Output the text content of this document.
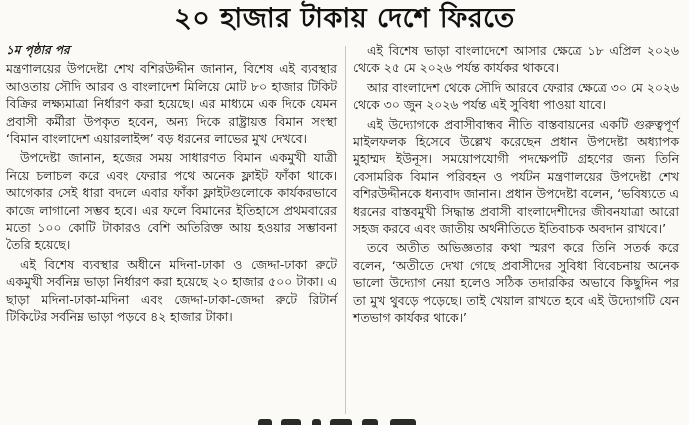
২০ হাজার টাকায় দেশে ফিরতে
১ম পৃষ্ঠার পর

মন্ত্রণালয়ের উপদেষ্টা শেখ বশিরউদ্দীন জানান, বিশেষ এই ব্যবস্থার আওতায় সৌদি আরব ও বাংলাদেশ মিলিয়ে মোট ৮০ হাজার টিকিট বিক্রির লক্ষ্যমাত্রা নির্ধারণ করা হয়েছে। এর মাধ্যমে এক দিকে যেমন প্রবাসী কর্মীরা উপকৃত হবেন, অন্য দিকে রাষ্ট্রায়ত্ত বিমান সংস্থা ‘বিমান বাংলাদেশ এয়ারলাইন্স’ বড় ধরনের লাভের মুখ দেখবে।

উপদেষ্টা জানান, হজের সময় সাধারণত বিমান একমুখী যাত্রী নিয়ে চলাচল করে এবং ফেরার পথে অনেক ফ্লাইট ফাঁকা থাকে। আগেকার সেই ধারা বদলে এবার ফাঁকা ফ্লাইটগুলোকে কার্যকরভাবে কাজে লাগানো সম্ভব হবে। এর ফলে বিমানের ইতিহাসে প্রথমবারের মতো ১০০ কোটি টাকারও বেশি অতিরিক্ত আয় হওয়ার সম্ভাবনা তৈরি হয়েছে।

এই বিশেষ ব্যবস্থার অধীনে মদিনা-ঢাকা ও জেদ্দা-ঢাকা রুটে একমুখী সর্বনিম্ন ভাড়া নির্ধারণ করা হয়েছে ২০ হাজার ৫০০ টাকা। এ ছাড়া মদিনা-ঢাকা-মদিনা এবং জেদ্দা-ঢাকা-জেদ্দা রুটে রিটার্ন টিকিটের সর্বনিম্ন ভাড়া পড়বে ৪২ হাজার টাকা।

এই বিশেষ ভাড়া বাংলাদেশে আসার ক্ষেত্রে ১৮ এপ্রিল ২০২৬ থেকে ২৫ মে ২০২৬ পর্যন্ত কার্যকর থাকবে।

আর বাংলাদেশ থেকে সৌদি আরবে ফেরার ক্ষেত্রে ৩০ মে ২০২৬ থেকে ৩০ জুন ২০২৬ পর্যন্ত এই সুবিধা পাওয়া যাবে।

এই উদ্যোগকে প্রবাসীবান্ধব নীতি বাস্তবায়নের একটি গুরুত্বপূর্ণ মাইলফলক হিসেবে উল্লেখ করেছেন প্রধান উপদেষ্টা অধ্যাপক মুহাম্মদ ইউনূস। সময়োপযোগী পদক্ষেপটি গ্রহণের জন্য তিনি বেসামরিক বিমান পরিবহন ও পর্যটন মন্ত্রণালয়ের উপদেষ্টা শেখ বশিরউদ্দীনকে ধন্যবাদ জানান। প্রধান উপদেষ্টা বলেন, ‘ভবিষ্যতে এ ধরনের বাস্তবমুখী সিদ্ধান্ত প্রবাসী বাংলাদেশীদের জীবনযাত্রা আরো সহজ করবে এবং জাতীয় অর্থনীতিতে ইতিবাচক অবদান রাখবে।’

তবে অতীত অভিজ্ঞতার কথা স্মরণ করে তিনি সতর্ক করে বলেন, ‘অতীতে দেখা গেছে প্রবাসীদের সুবিধা বিবেচনায় অনেক ভালো উদ্যোগ নেয়া হলেও সঠিক তদারকির অভাবে কিছুদিন পর তা মুখ থুবড়ে পড়েছে। তাই খেয়াল রাখতে হবে এই উদ্যোগটি যেন শতভাগ কার্যকর থাকে।’
